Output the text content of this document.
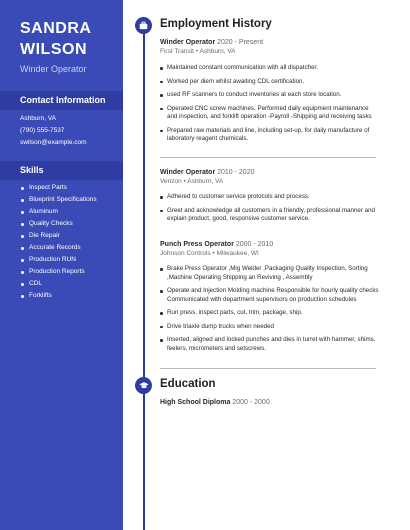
SANDRA
WILSON
Winder Operator
Contact Information
Ashburn, VA
(790) 555-7537
swilson@example.com
Skills
Inspect Parts
Blueprint Specifications
Aluminum
Quality Checks
Die Repair
Accurate Records
Production RUN
Production Reports
CDL
Forklifts
Employment History
Winder Operator 2020 - Present
First Transit • Ashburn, VA
Maintained constant communication with all dispatcher.
Worked per diem whilst awaiting CDL certification.
used RF scanners to conduct inventories at each store location.
Operated CNC screw machines, Performed daily equipment maintenance and inspection, and forklift operation -Payroll -Shipping and receiving tasks
Prepared raw materials and line, including set-up, for daily manufacture of laboratory reagent chemicals.
Winder Operator 2010 - 2020
Verizon • Ashburn, VA
Adhered to customer service protocols and process.
Greet and acknowledge all customers in a friendly, professional manner and explain product, good, responsive customer service.
Punch Press Operator 2000 - 2010
Johnson Controls • Milwaukee, WI
Brake Press Operator ,Mig Welder ,Packaging Quality Inspection, Sorting ,Machine Operating Shipping an Reviving , Assembly
Operate and Injection Molding machine Responsible for hourly quality checks Communicated with department supervisors on production schedules
Run press, inspect parts, cut, trim, package, ship.
Drive triaxle dump trucks when needed
Inserted, aligned and locked punches and dies in turret with hammer, shims, feelers, micrometers and setscrews.
Education
High School Diploma 2000 - 2000
